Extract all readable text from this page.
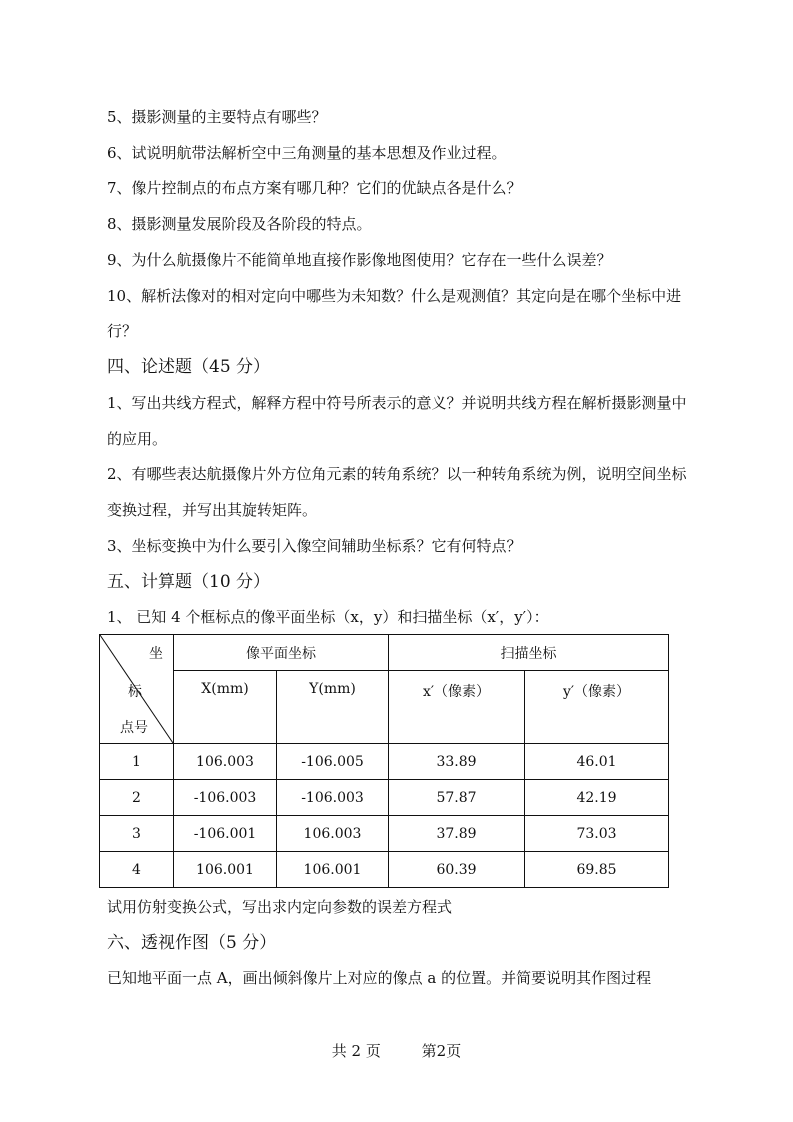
5、摄影测量的主要特点有哪些？
6、试说明航带法解析空中三角测量的基本思想及作业过程。
7、像片控制点的布点方案有哪几种？它们的优缺点各是什么？
8、摄影测量发展阶段及各阶段的特点。
9、为什么航摄像片不能简单地直接作影像地图使用？它存在一些什么误差？
10、解析法像对的相对定向中哪些为未知数？什么是观测值？其定向是在哪个坐标中进
行？
四、论述题（45 分）
1、写出共线方程式，解释方程中符号所表示的意义？并说明共线方程在解析摄影测量中
的应用。
2、有哪些表达航摄像片外方位角元素的转角系统？以一种转角系统为例，说明空间坐标
变换过程，并写出其旋转矩阵。
3、坐标变换中为什么要引入像空间辅助坐标系？它有何特点？
五、计算题（10 分）
1、 已知 4 个框标点的像平面坐标（x，y）和扫描坐标（x′，y′）：
坐
标
点号	像平面坐标		扫描坐标	
	X(mm)	Y(mm)	x′（像素）	y′（像素）
1	106.003	-106.005	33.89	46.01
2	-106.003	-106.003	57.87	42.19
3	-106.001	106.003	37.89	73.03
4	106.001	106.001	60.39	69.85
试用仿射变换公式，写出求内定向参数的误差方程式
六、透视作图（5 分）
已知地平面一点 A，画出倾斜像片上对应的像点 a 的位置。并简要说明其作图过程
共 2 页	第2页
